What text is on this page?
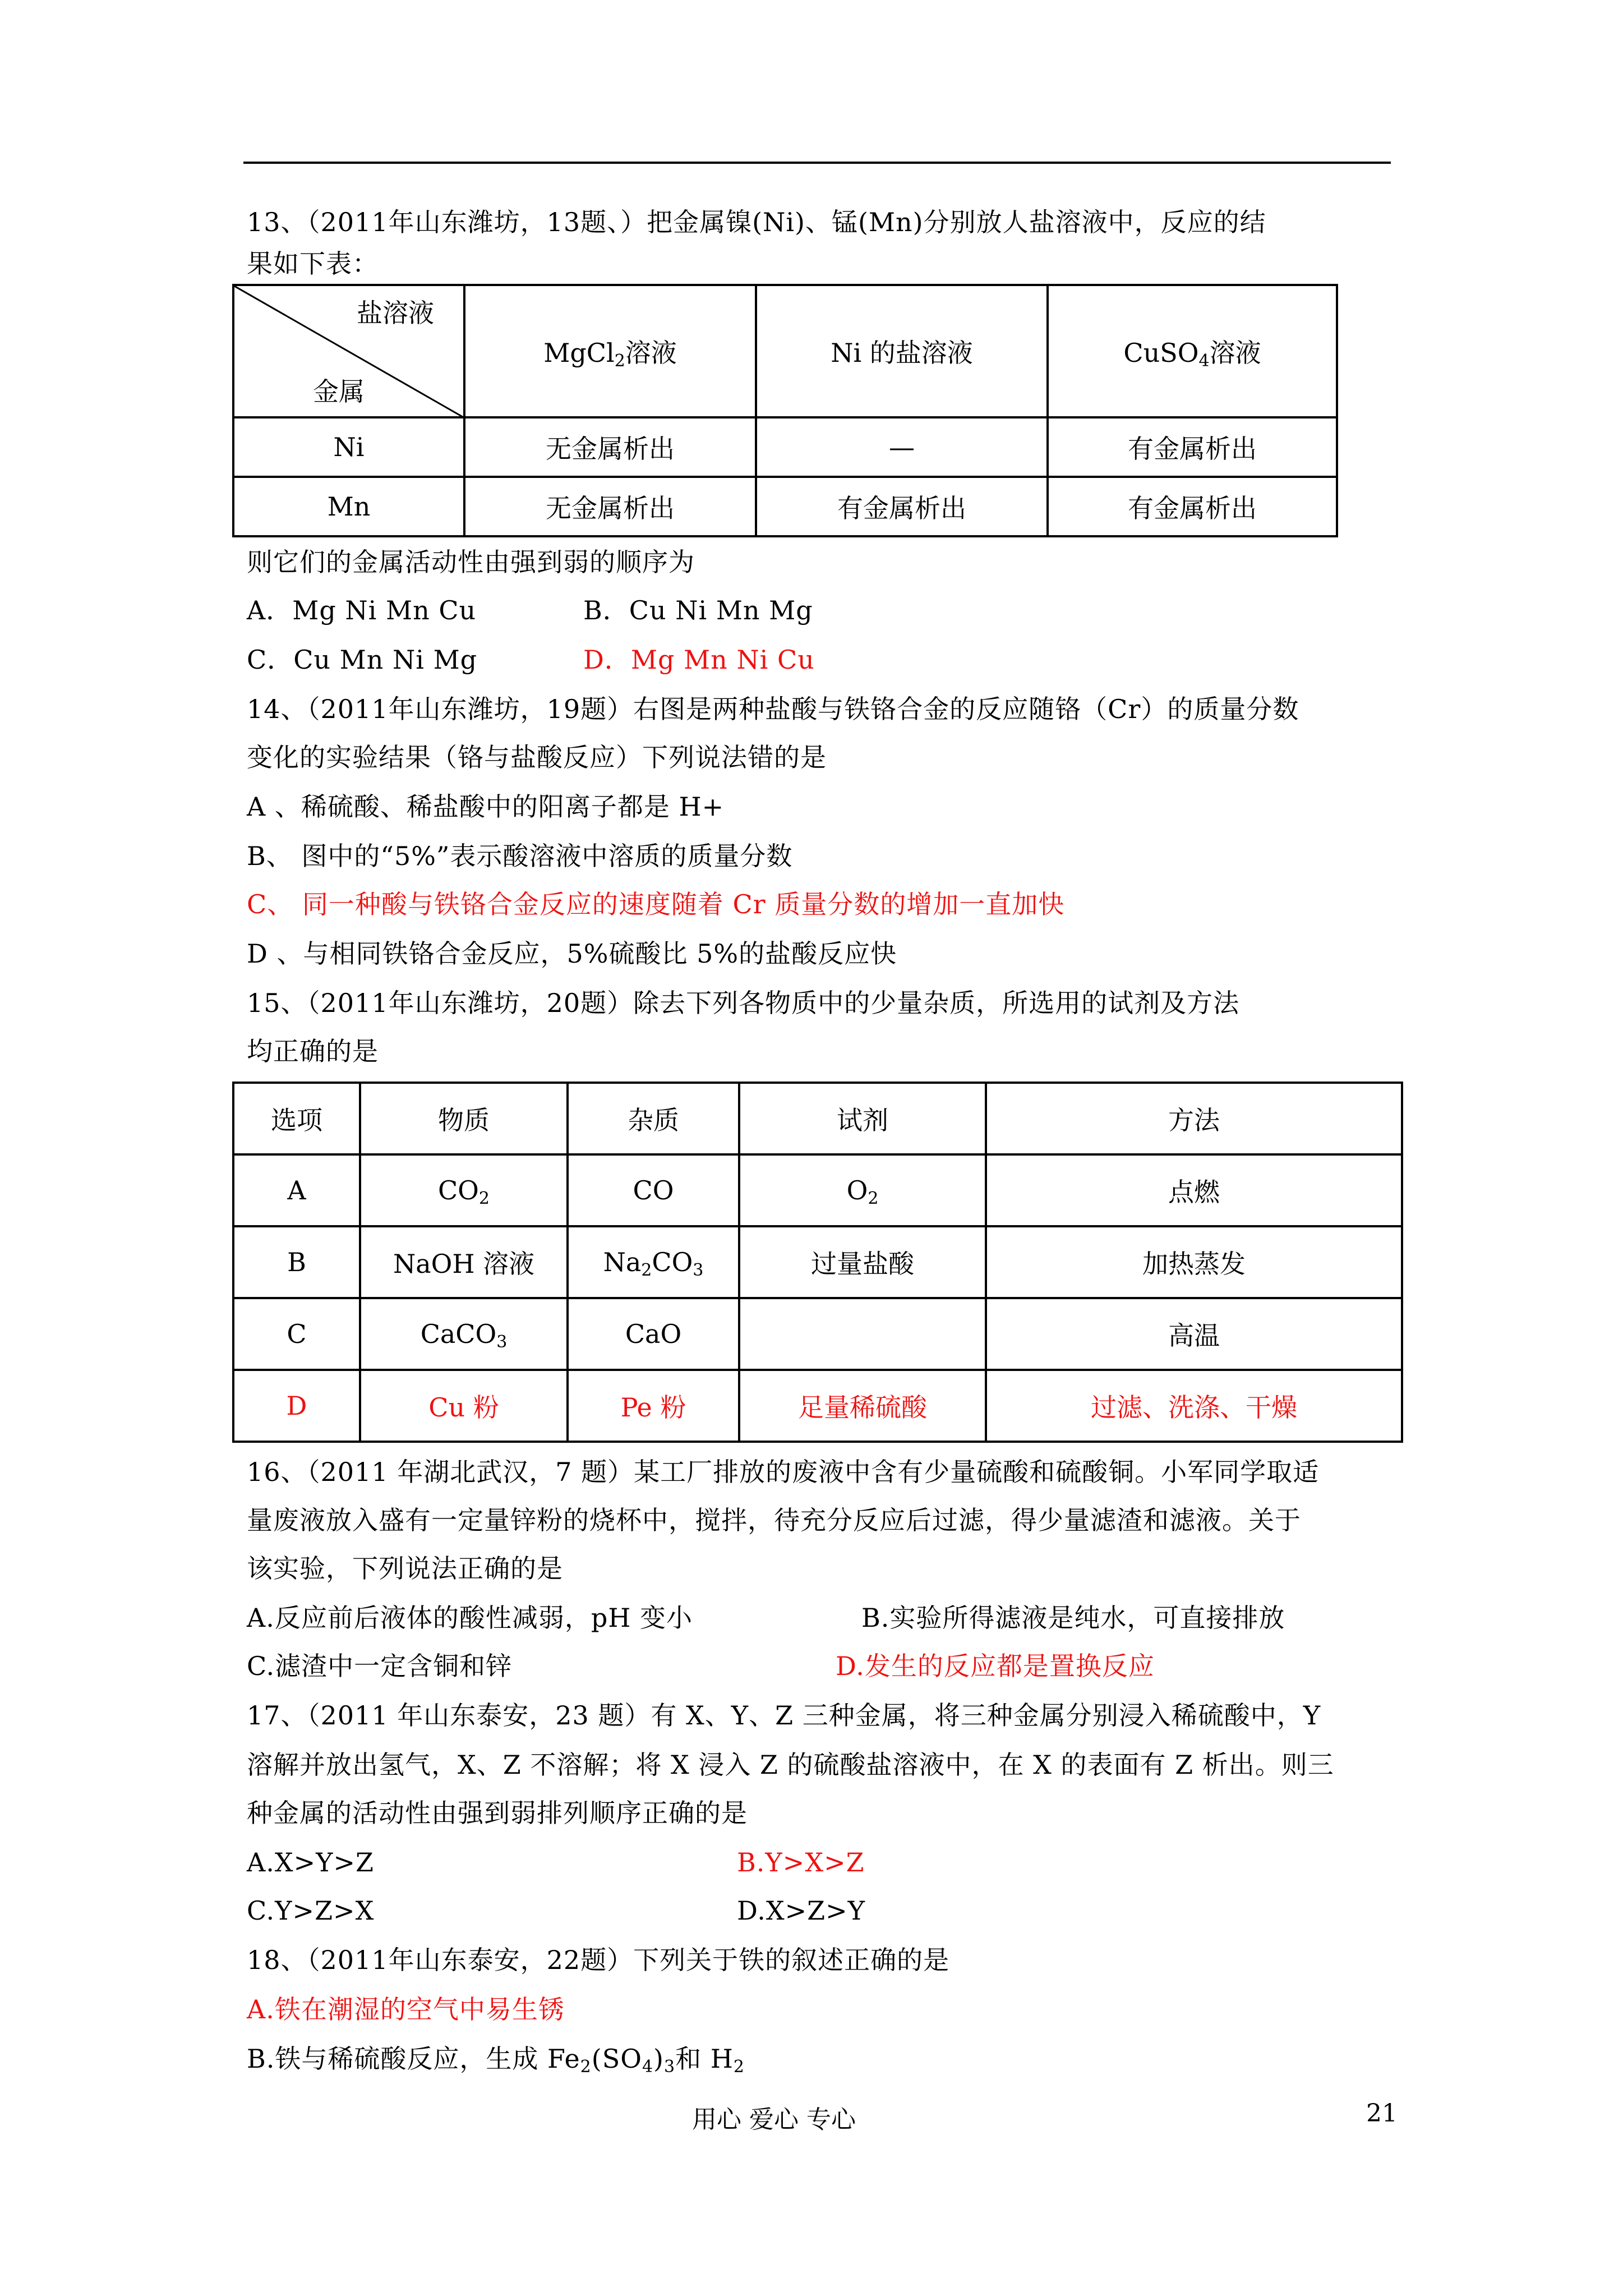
13、（2011年山东潍坊，13题、）把金属镍(Ni)、锰(Mn)分别放人盐溶液中，反应的结
果如下表：
盐溶液
金属	MgCl$_2$溶液	Ni 的盐溶液	CuSO$_4$溶液
Ni	无金属析出	—	有金属析出
Mn	无金属析出	有金属析出	有金属析出
则它们的金属活动性由强到弱的顺序为
A．Mg Ni Mn Cu	B．Cu Ni Mn Mg
C．Cu Mn Ni Mg	D．Mg Mn Ni Cu
14、（2011年山东潍坊，19题）右图是两种盐酸与铁铬合金的反应随铬（Cr）的质量分数
变化的实验结果（铬与盐酸反应）下列说法错的是
A 、稀硫酸、稀盐酸中的阳离子都是 H+
B、 图中的“5%”表示酸溶液中溶质的质量分数
C、 同一种酸与铁铬合金反应的速度随着 Cr 质量分数的增加一直加快
D 、与相同铁铬合金反应，5%硫酸比 5%的盐酸反应快
15、（2011年山东潍坊，20题）除去下列各物质中的少量杂质，所选用的试剂及方法
均正确的是
选项	物质	杂质	试剂	方法
A	$CO_2$	CO	$O_2$	点燃
B	NaOH 溶液	$Na_2CO_3$	过量盐酸	加热蒸发
C	CaCO$_3$	CaO		高温
D	Cu 粉	Pe 粉	足量稀硫酸	过滤、洗涤、干燥
16、（2011 年湖北武汉，7 题）某工厂排放的废液中含有少量硫酸和硫酸铜。小军同学取适
量废液放入盛有一定量锌粉的烧杯中，搅拌，待充分反应后过滤，得少量滤渣和滤液。关于
该实验，下列说法正确的是
A.反应前后液体的酸性减弱，pH 变小	B.实验所得滤液是纯水，可直接排放
C.滤渣中一定含铜和锌	D.发生的反应都是置换反应
17、（2011 年山东泰安，23 题）有 X、Y、Z 三种金属，将三种金属分别浸入稀硫酸中，Y
溶解并放出氢气，X、Z 不溶解；将 X 浸入 Z 的硫酸盐溶液中，在 X 的表面有 Z 析出。则三
种金属的活动性由强到弱排列顺序正确的是
A.X>Y>Z	B.Y>X>Z
C.Y>Z>X	D.X>Z>Y
18、（2011年山东泰安，22题）下列关于铁的叙述正确的是
A.铁在潮湿的空气中易生锈
B.铁与稀硫酸反应，生成 $Fe_2(SO_4)_3$和 $H_2$
用心 爱心 专心	21
